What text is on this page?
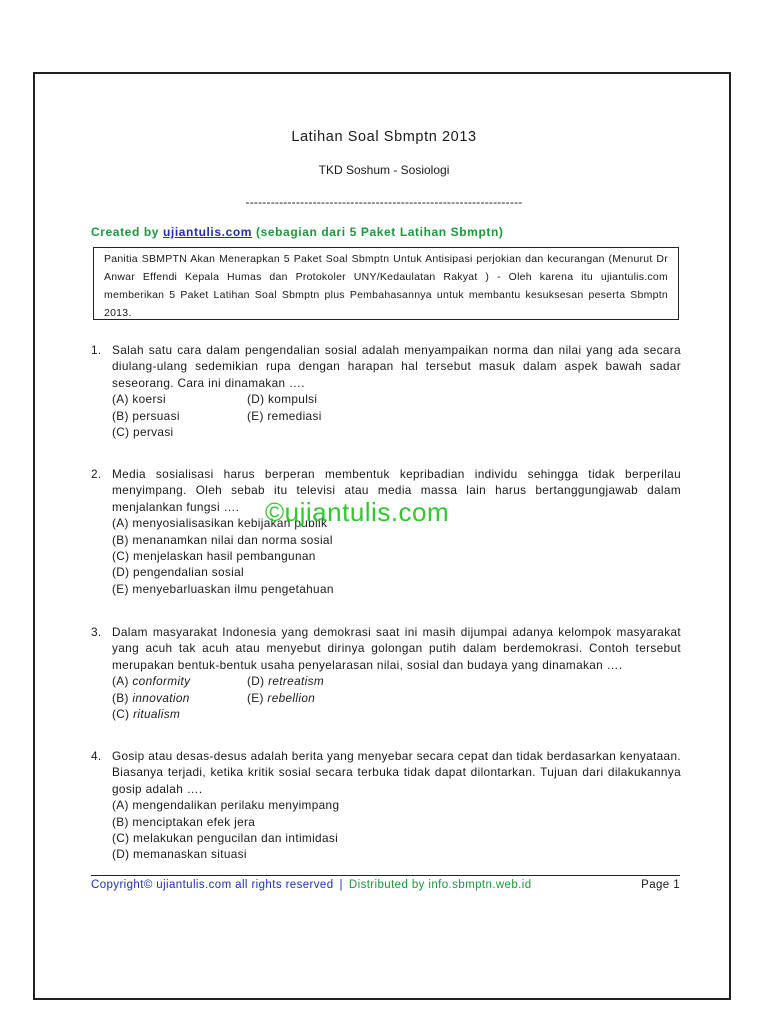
Latihan Soal Sbmptn 2013
TKD Soshum - Sosiologi
------------------------------------------------------------------
Created by ujiantulis.com (sebagian dari 5 Paket Latihan Sbmptn)
Panitia SBMPTN Akan Menerapkan 5 Paket Soal Sbmptn Untuk Antisipasi perjokian dan kecurangan (Menurut Dr Anwar Effendi Kepala Humas dan Protokoler UNY/Kedaulatan Rakyat ) - Oleh karena itu ujiantulis.com memberikan 5 Paket Latihan Soal Sbmptn plus Pembahasannya untuk membantu kesuksesan peserta Sbmptn 2013.
1. Salah satu cara dalam pengendalian sosial adalah menyampaikan norma dan nilai yang ada secara diulang-ulang sedemikian rupa dengan harapan hal tersebut masuk dalam aspek bawah sadar seseorang. Cara ini dinamakan ….
(A) koersi	(D) kompulsi
(B) persuasi	(E) remediasi
(C) pervasi
2. Media sosialisasi harus berperan membentuk kepribadian individu sehingga tidak berperilau menyimpang. Oleh sebab itu televisi atau media massa lain harus bertanggungjawab dalam menjalankan fungsi ….
(A) menyosialisasikan kebijakan publik
(B) menanamkan nilai dan norma sosial
(C) menjelaskan hasil pembangunan
(D) pengendalian sosial
(E) menyebarluaskan ilmu pengetahuan
©ujiantulis.com
3. Dalam masyarakat Indonesia yang demokrasi saat ini masih dijumpai adanya kelompok masyarakat yang acuh tak acuh atau menyebut dirinya golongan putih dalam berdemokrasi. Contoh tersebut merupakan bentuk-bentuk usaha penyelarasan nilai, sosial dan budaya yang dinamakan ….
(A) conformity	(D) retreatism
(B) innovation	(E) rebellion
(C) ritualism
4. Gosip atau desas-desus adalah berita yang menyebar secara cepat dan tidak berdasarkan kenyataan. Biasanya terjadi, ketika kritik sosial secara terbuka tidak dapat dilontarkan. Tujuan dari dilakukannya gosip adalah ….
(A) mengendalikan perilaku menyimpang
(B) menciptakan efek jera
(C) melakukan pengucilan dan intimidasi
(D) memanaskan situasi
Copyright© ujiantulis.com all rights reserved | Distributed by info.sbmptn.web.id	Page 1
